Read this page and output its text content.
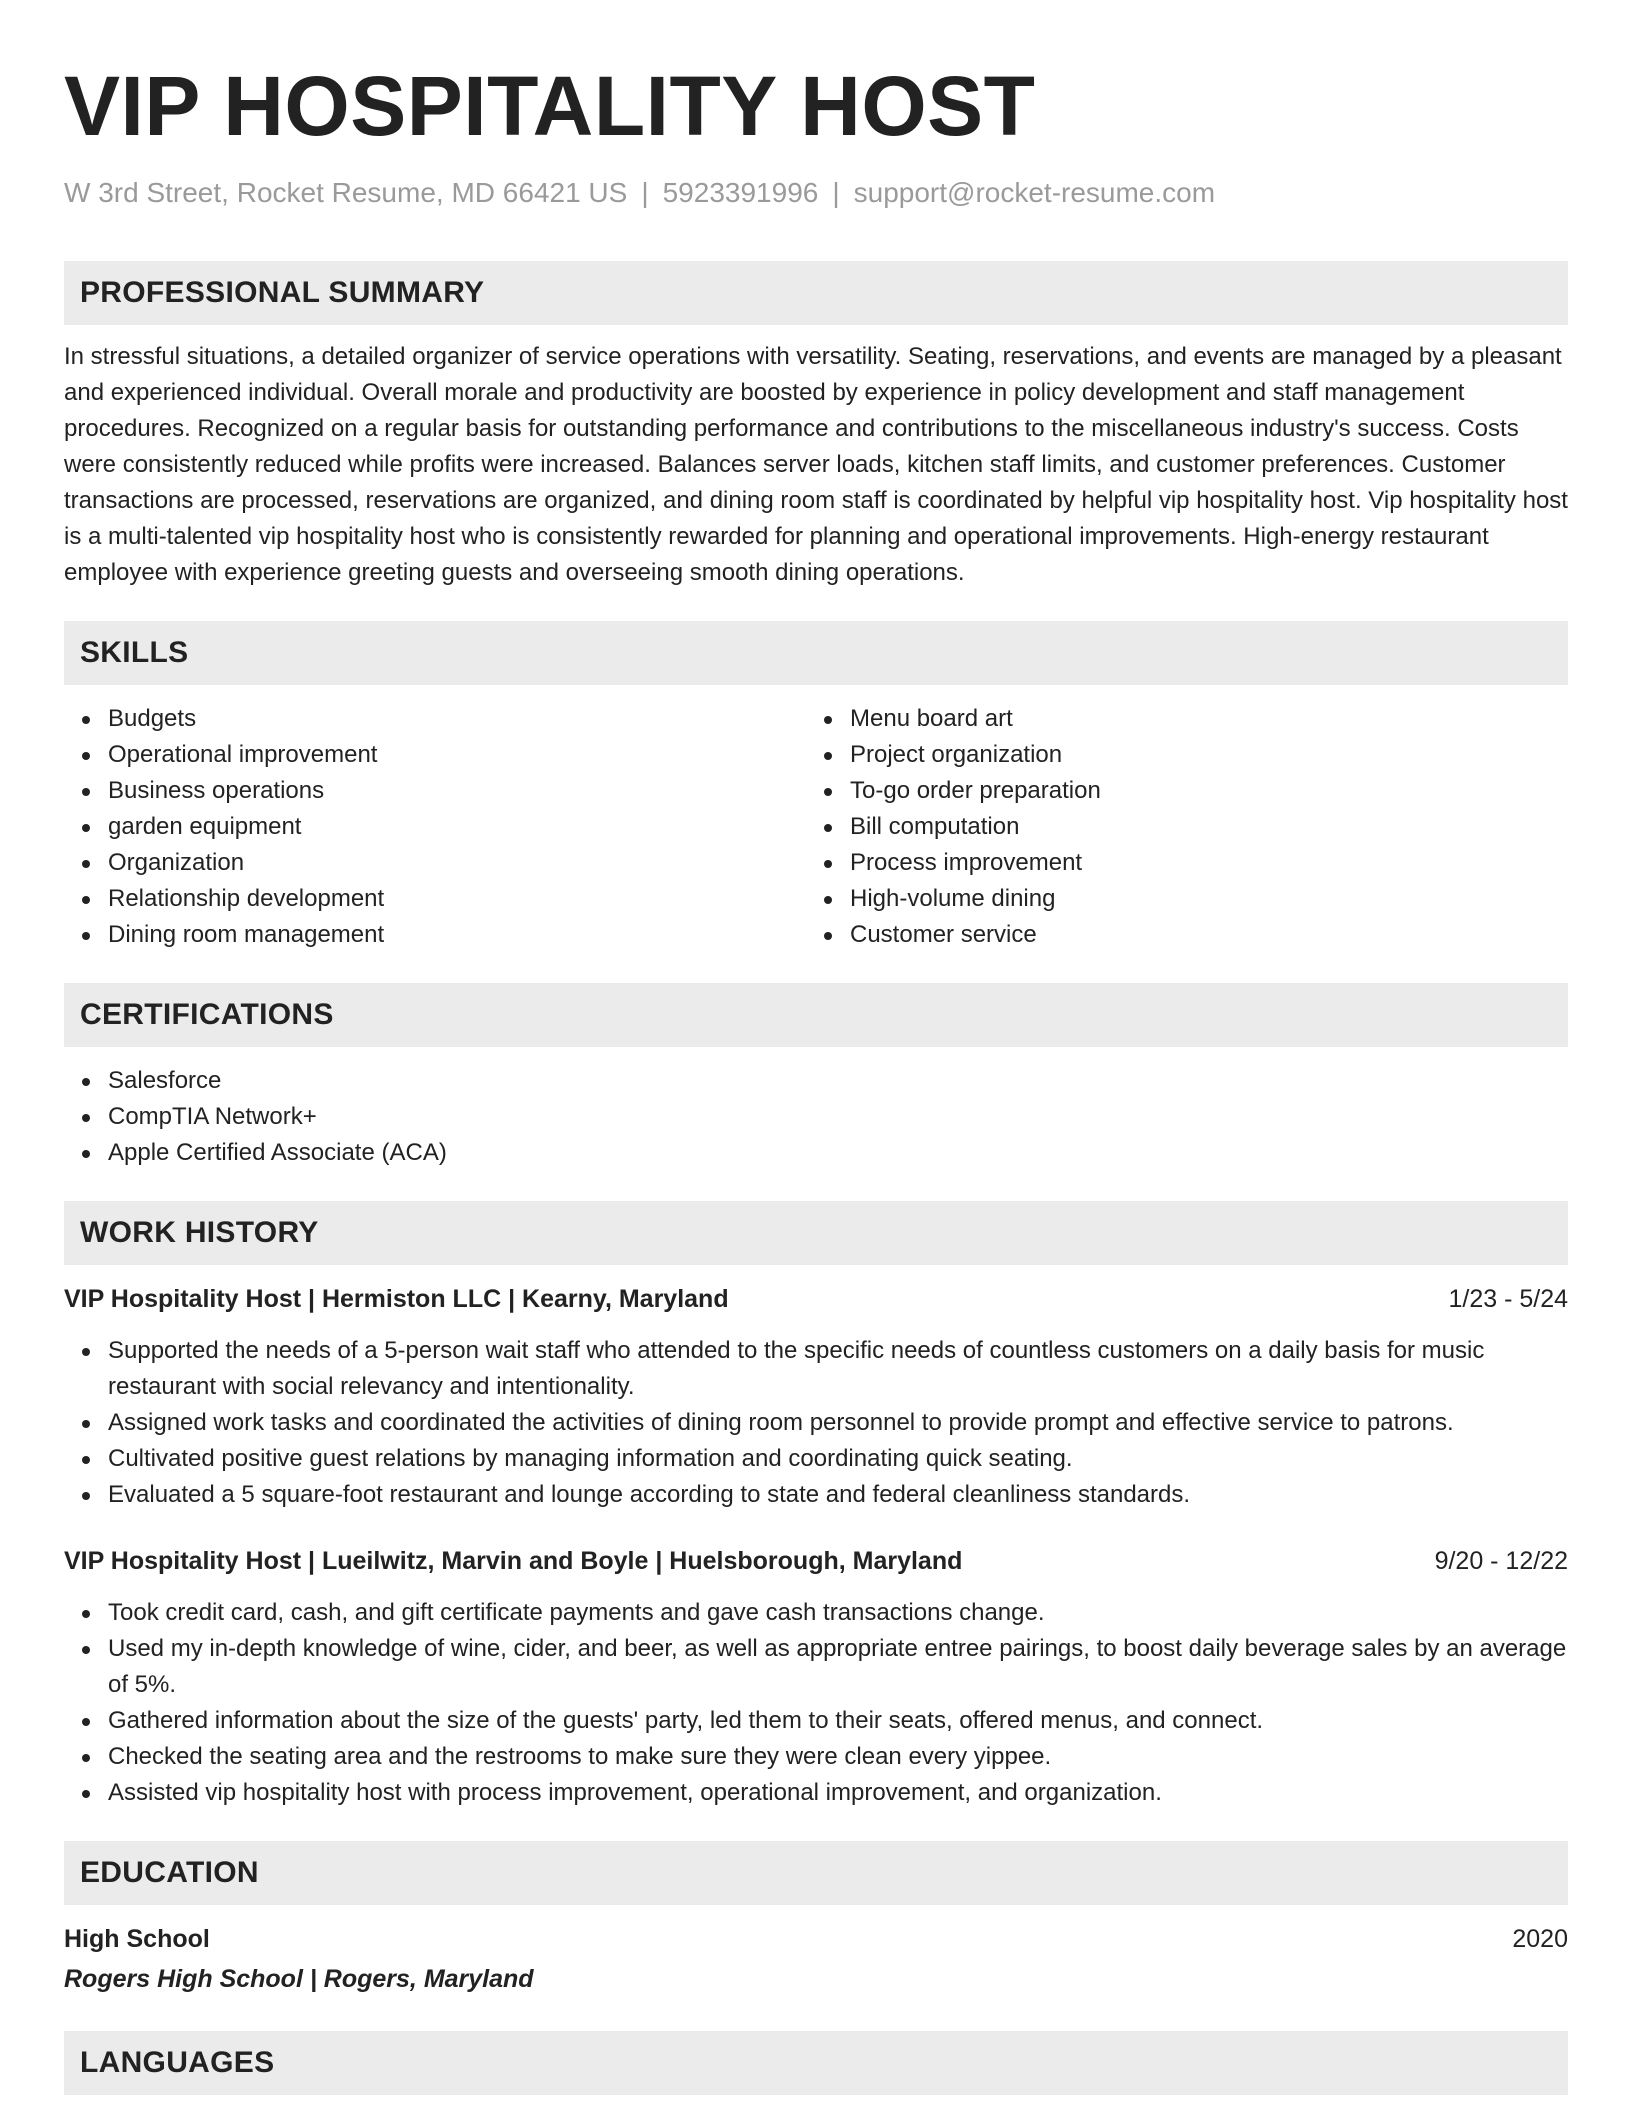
VIP HOSPITALITY HOST
W 3rd Street, Rocket Resume, MD 66421 US | 5923391996 | support@rocket-resume.com
PROFESSIONAL SUMMARY
In stressful situations, a detailed organizer of service operations with versatility. Seating, reservations, and events are managed by a pleasant and experienced individual. Overall morale and productivity are boosted by experience in policy development and staff management procedures. Recognized on a regular basis for outstanding performance and contributions to the miscellaneous industry's success. Costs were consistently reduced while profits were increased. Balances server loads, kitchen staff limits, and customer preferences. Customer transactions are processed, reservations are organized, and dining room staff is coordinated by helpful vip hospitality host. Vip hospitality host is a multi-talented vip hospitality host who is consistently rewarded for planning and operational improvements. High-energy restaurant employee with experience greeting guests and overseeing smooth dining operations.
SKILLS
Budgets
Operational improvement
Business operations
garden equipment
Organization
Relationship development
Dining room management
Menu board art
Project organization
To-go order preparation
Bill computation
Process improvement
High-volume dining
Customer service
CERTIFICATIONS
Salesforce
CompTIA Network+
Apple Certified Associate (ACA)
WORK HISTORY
VIP Hospitality Host | Hermiston LLC | Kearny, Maryland	1/23 - 5/24
Supported the needs of a 5-person wait staff who attended to the specific needs of countless customers on a daily basis for music restaurant with social relevancy and intentionality.
Assigned work tasks and coordinated the activities of dining room personnel to provide prompt and effective service to patrons.
Cultivated positive guest relations by managing information and coordinating quick seating.
Evaluated a 5 square-foot restaurant and lounge according to state and federal cleanliness standards.
VIP Hospitality Host | Lueilwitz, Marvin and Boyle | Huelsborough, Maryland	9/20 - 12/22
Took credit card, cash, and gift certificate payments and gave cash transactions change.
Used my in-depth knowledge of wine, cider, and beer, as well as appropriate entree pairings, to boost daily beverage sales by an average of 5%.
Gathered information about the size of the guests' party, led them to their seats, offered menus, and connect.
Checked the seating area and the restrooms to make sure they were clean every yippee.
Assisted vip hospitality host with process improvement, operational improvement, and organization.
EDUCATION
High School	2020
Rogers High School | Rogers, Maryland
LANGUAGES
